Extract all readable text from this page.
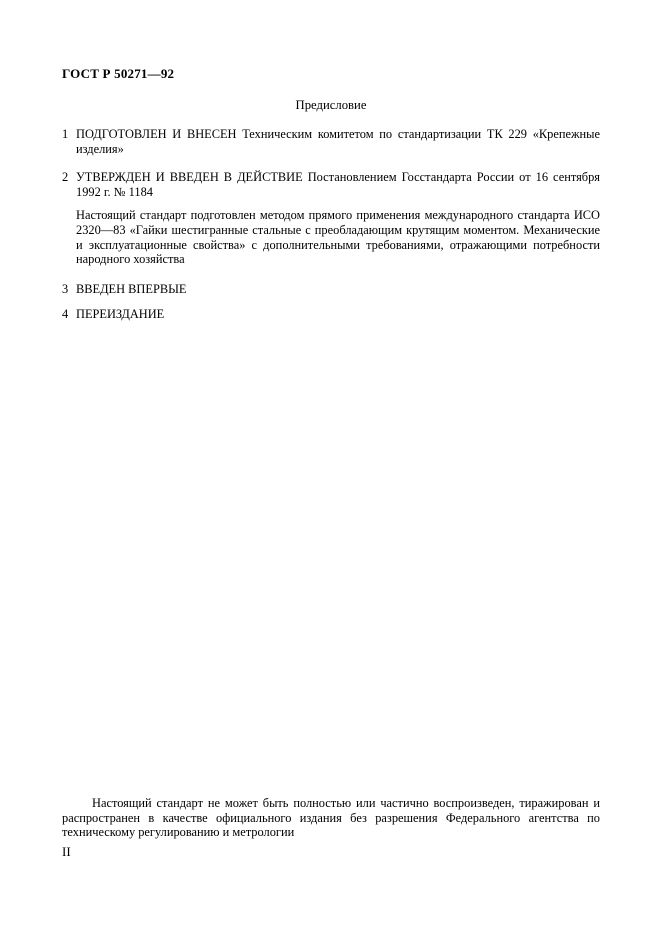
ГОСТ Р 50271—92
Предисловие
1 ПОДГОТОВЛЕН И ВНЕСЕН Техническим комитетом по стандартизации ТК 229 «Крепежные изделия»
2 УТВЕРЖДЕН И ВВЕДЕН В ДЕЙСТВИЕ Постановлением Госстандарта России от 16 сентября 1992 г. № 1184
Настоящий стандарт подготовлен методом прямого применения международного стандарта ИСО 2320—83 «Гайки шестигранные стальные с преобладающим крутящим моментом. Механические и эксплуатационные свойства» с дополнительными требованиями, отражающими потребности народного хозяйства
3 ВВЕДЕН ВПЕРВЫЕ
4 ПЕРЕИЗДАНИЕ
Настоящий стандарт не может быть полностью или частично воспроизведен, тиражирован и распространен в качестве официального издания без разрешения Федерального агентства по техническому регулированию и метрологии
II
